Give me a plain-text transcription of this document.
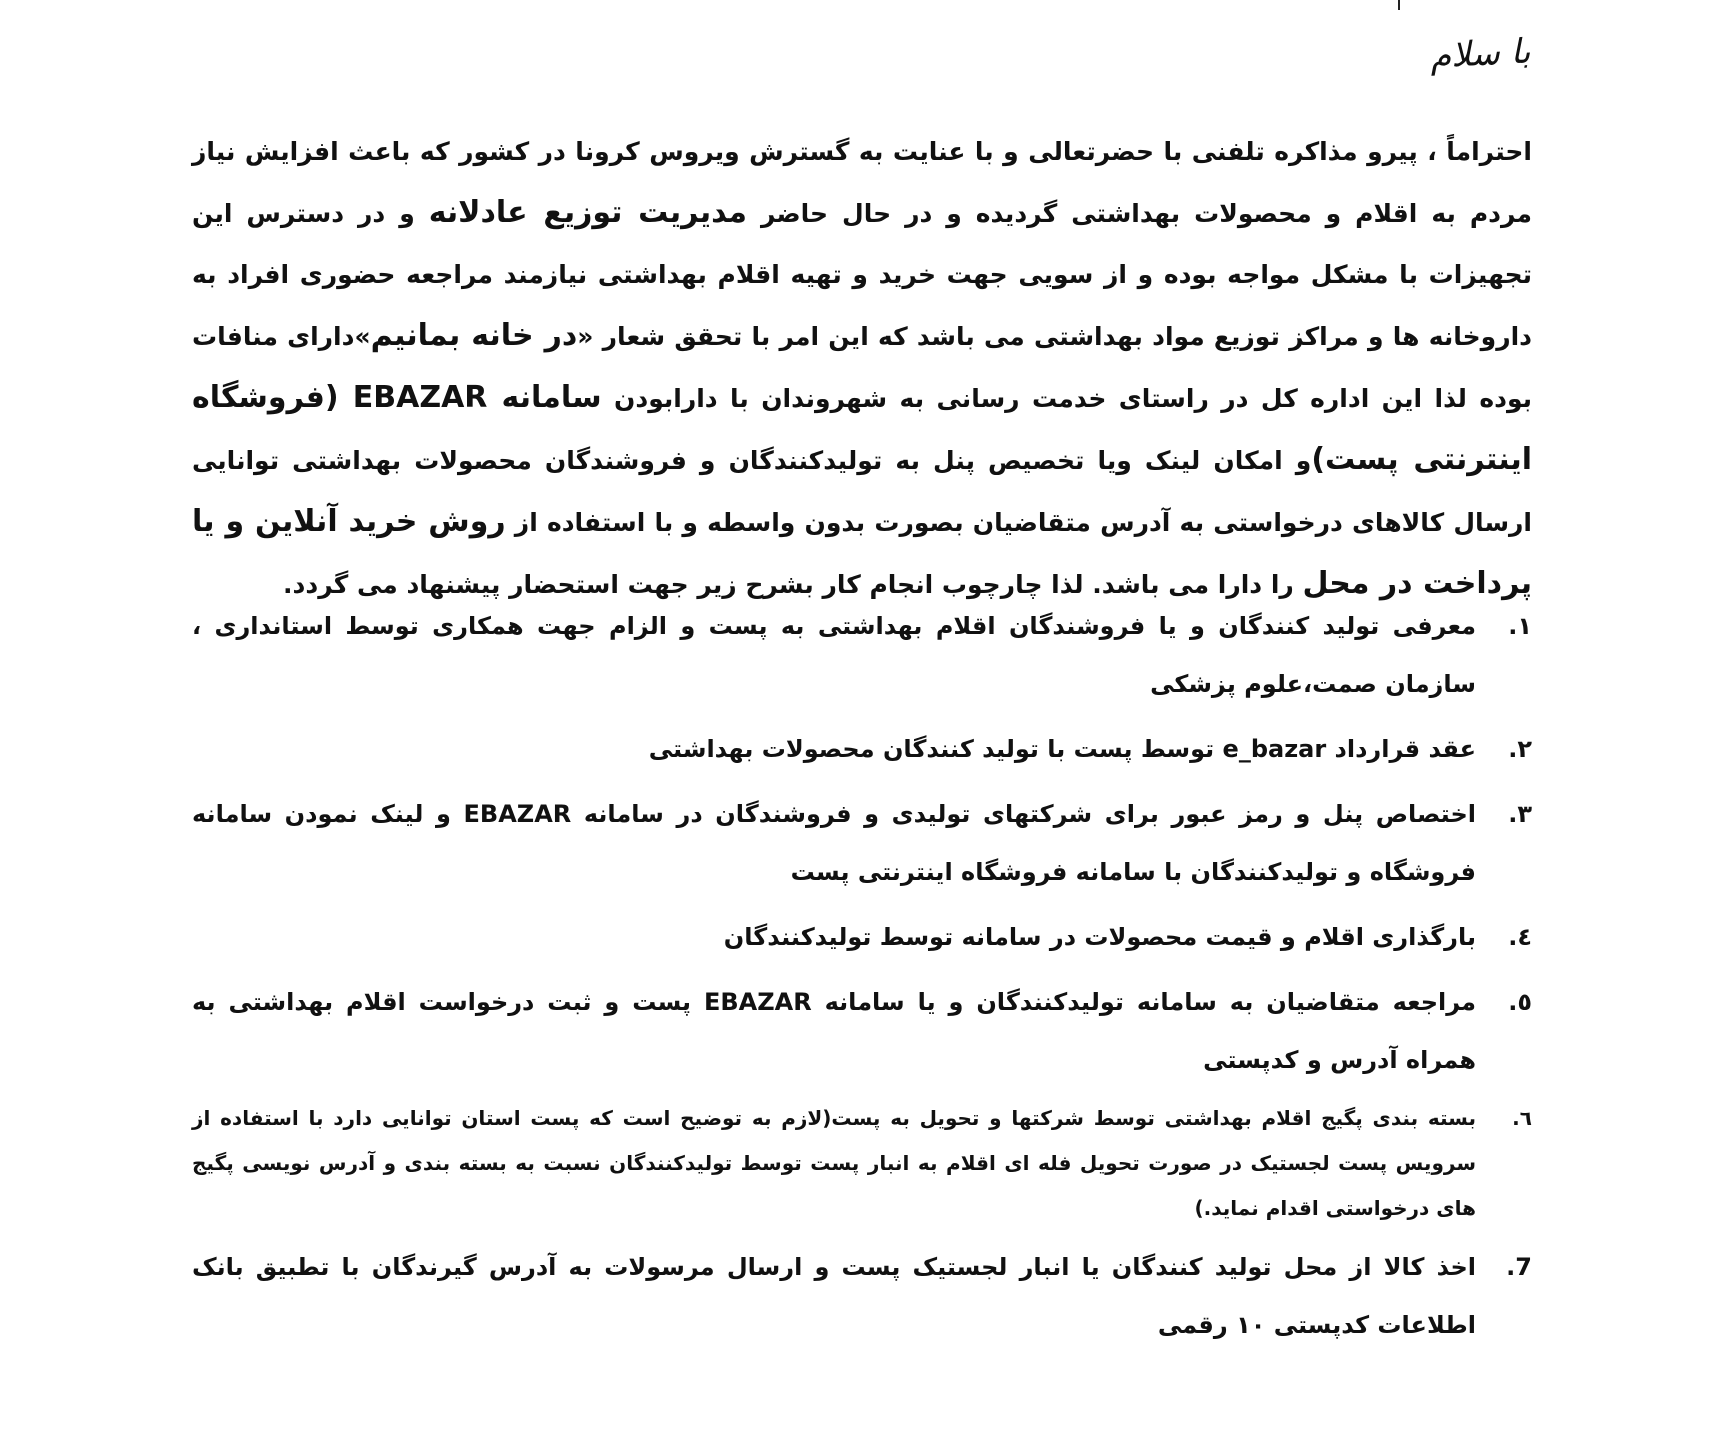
با سلام

احتراماً ، پیرو مذاکره تلفنی با حضرتعالی و با عنایت به گسترش ویروس کرونا در کشور که باعث افزایش نیاز مردم به اقلام و محصولات بهداشتی گردیده و در حال حاضر مدیریت توزیع عادلانه و در دسترس این تجهیزات با مشکل مواجه بوده و از سویی جهت خرید و تهیه اقلام بهداشتی نیازمند مراجعه حضوری افراد به داروخانه ها و مراکز توزیع مواد بهداشتی می باشد که این امر با تحقق شعار «در خانه بمانیم»دارای منافات بوده لذا این اداره کل در راستای خدمت رسانی به شهروندان با دارابودن سامانه EBAZAR (فروشگاه اینترنتی پست)و امکان لینک ویا تخصیص پنل به تولیدکنندگان و فروشندگان محصولات بهداشتی توانایی ارسال کالاهای درخواستی به آدرس متقاضیان بصورت بدون واسطه و با استفاده از روش خرید آنلاین و یا پرداخت در محل را دارا می باشد. لذا چارچوب انجام کار بشرح زیر جهت استحضار پیشنهاد می گردد.

۱.
معرفی تولید کنندگان و یا فروشندگان اقلام بهداشتی به پست و الزام جهت همکاری توسط استانداری ، سازمان صمت،علوم پزشکی
۲.
عقد قرارداد e_bazar توسط پست با تولید کنندگان محصولات بهداشتی
۳.
اختصاص پنل و رمز عبور برای شرکتهای تولیدی و فروشندگان در سامانه EBAZAR و لینک نمودن سامانه فروشگاه و تولیدکنندگان با سامانه فروشگاه اینترنتی پست
٤.
بارگذاری اقلام و قیمت محصولات در سامانه توسط تولیدکنندگان
٥.
مراجعه متقاضیان به سامانه تولیدکنندگان و یا سامانه EBAZAR پست و ثبت درخواست اقلام بهداشتی به همراه آدرس و کدپستی
٦.
بسته بندی پگیج اقلام بهداشتی توسط شرکتها و تحویل به پست(لازم به توضیح است که پست استان توانایی دارد با استفاده از سرویس پست لجستیک در صورت تحویل فله ای اقلام به انبار پست توسط تولیدکنندگان نسبت به بسته بندی و آدرس نویسی پگیج های درخواستی اقدام نماید.)
7.
اخذ کالا از محل تولید کنندگان یا انبار لجستیک پست و ارسال مرسولات به آدرس گیرندگان با تطبیق بانک اطلاعات کدپستی ۱۰ رقمی
